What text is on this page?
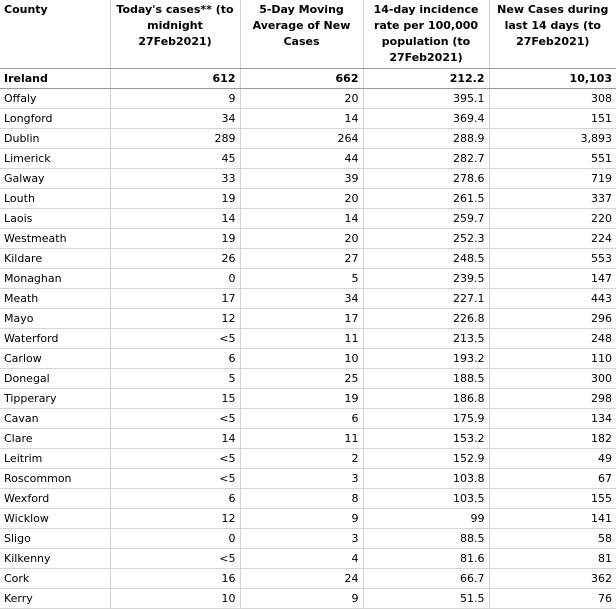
County	Today's cases** (to midnight 27Feb2021)	5-Day Moving Average of New Cases	14-day incidence rate per 100,000 population (to 27Feb2021)	New Cases during last 14 days (to 27Feb2021)
Ireland	612	662	212.2	10,103
Offaly	9	20	395.1	308
Longford	34	14	369.4	151
Dublin	289	264	288.9	3,893
Limerick	45	44	282.7	551
Galway	33	39	278.6	719
Louth	19	20	261.5	337
Laois	14	14	259.7	220
Westmeath	19	20	252.3	224
Kildare	26	27	248.5	553
Monaghan	0	5	239.5	147
Meath	17	34	227.1	443
Mayo	12	17	226.8	296
Waterford	<5	11	213.5	248
Carlow	6	10	193.2	110
Donegal	5	25	188.5	300
Tipperary	15	19	186.8	298
Cavan	<5	6	175.9	134
Clare	14	11	153.2	182
Leitrim	<5	2	152.9	49
Roscommon	<5	3	103.8	67
Wexford	6	8	103.5	155
Wicklow	12	9	99	141
Sligo	0	3	88.5	58
Kilkenny	<5	4	81.6	81
Cork	16	24	66.7	362
Kerry	10	9	51.5	76
